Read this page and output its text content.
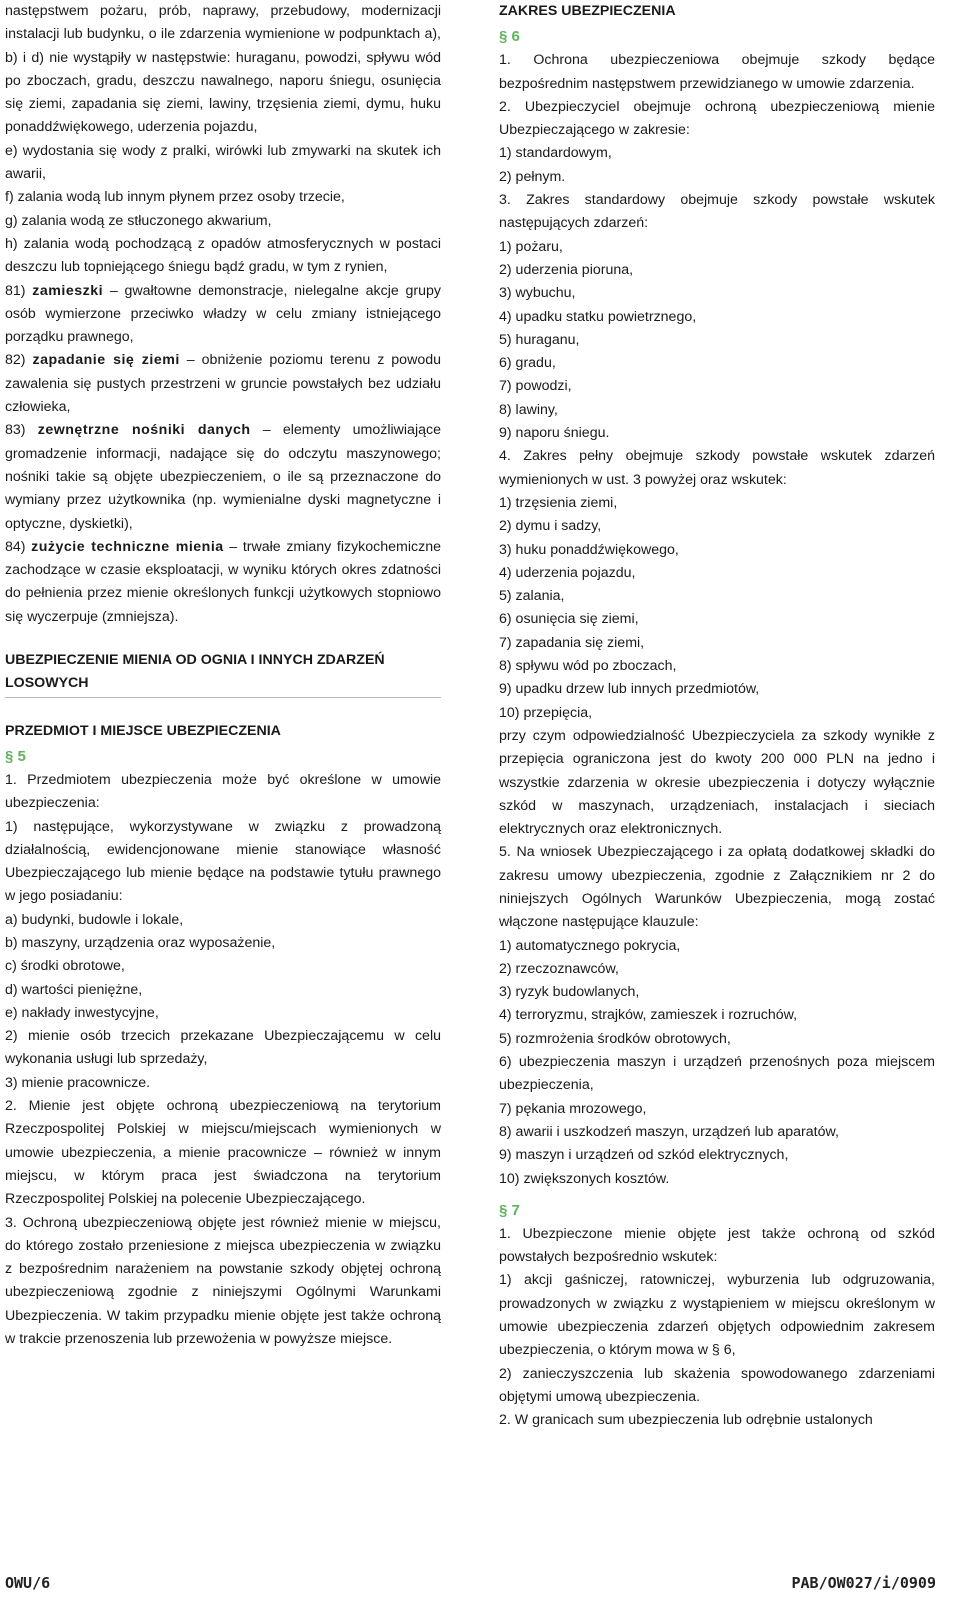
następstwem pożaru, prób, naprawy, przebudowy, modernizacji instalacji lub budynku, o ile zdarzenia wymienione w podpunktach a), b) i d) nie wystąpiły w następstwie: huraganu, powodzi, spływu wód po zboczach, gradu, deszczu nawalnego, naporu śniegu, osunięcia się ziemi, zapadania się ziemi, lawiny, trzęsienia ziemi, dymu, huku ponaddźwiękowego, uderzenia pojazdu,

e) wydostania się wody z pralki, wirówki lub zmywarki na skutek ich awarii,

f) zalania wodą lub innym płynem przez osoby trzecie,

g) zalania wodą ze stłuczonego akwarium,

h) zalania wodą pochodzącą z opadów atmosferycznych w postaci deszczu lub topniejącego śniegu bądź gradu, w tym z rynien,

81) zamieszki – gwałtowne demonstracje, nielegalne akcje grupy osób wymierzone przeciwko władzy w celu zmiany istniejącego porządku prawnego,

82) zapadanie się ziemi – obniżenie poziomu terenu z powodu zawalenia się pustych przestrzeni w gruncie powstałych bez udziału człowieka,

83) zewnętrzne nośniki danych – elementy umożliwiające gromadzenie informacji, nadające się do odczytu maszynowego; nośniki takie są objęte ubezpieczeniem, o ile są przeznaczone do wymiany przez użytkownika (np. wymienialne dyski magnetyczne i optyczne, dyskietki),

84) zużycie techniczne mienia – trwałe zmiany fizykochemiczne zachodzące w czasie eksploatacji, w wyniku których okres zdatności do pełnienia przez mienie określonych funkcji użytkowych stopniowo się wyczerpuje (zmniejsza).

UBEZPIECZENIE MIENIA OD OGNIA I INNYCH ZDARZEŃ LOSOWYCH
PRZEDMIOT I MIEJSCE UBEZPIECZENIA
§ 5

1. Przedmiotem ubezpieczenia może być określone w umowie ubezpieczenia:

1) następujące, wykorzystywane w związku z prowadzoną działalnością, ewidencjonowane mienie stanowiące własność Ubezpieczającego lub mienie będące na podstawie tytułu prawnego w jego posiadaniu:

a) budynki, budowle i lokale,

b) maszyny, urządzenia oraz wyposażenie,

c) środki obrotowe,

d) wartości pieniężne,

e) nakłady inwestycyjne,

2) mienie osób trzecich przekazane Ubezpieczającemu w celu wykonania usługi lub sprzedaży,

3) mienie pracownicze.

2. Mienie jest objęte ochroną ubezpieczeniową na terytorium Rzeczpospolitej Polskiej w miejscu/miejscach wymienionych w umowie ubezpieczenia, a mienie pracownicze – również w innym miejscu, w którym praca jest świadczona na terytorium Rzeczpospolitej Polskiej na polecenie Ubezpieczającego.

3. Ochroną ubezpieczeniową objęte jest również mienie w miejscu, do którego zostało przeniesione z miejsca ubezpieczenia w związku z bezpośrednim narażeniem na powstanie szkody objętej ochroną ubezpieczeniową zgodnie z niniejszymi Ogólnymi Warunkami Ubezpieczenia. W takim przypadku mienie objęte jest także ochroną w trakcie przenoszenia lub przewożenia w powyższe miejsce.

ZAKRES UBEZPIECZENIA
§ 6

1. Ochrona ubezpieczeniowa obejmuje szkody będące bezpośrednim następstwem przewidzianego w umowie zdarzenia.

2. Ubezpieczyciel obejmuje ochroną ubezpieczeniową mienie Ubezpieczającego w zakresie:

1) standardowym,

2) pełnym.

3. Zakres standardowy obejmuje szkody powstałe wskutek następujących zdarzeń:

1) pożaru,

2) uderzenia pioruna,

3) wybuchu,

4) upadku statku powietrznego,

5) huraganu,

6) gradu,

7) powodzi,

8) lawiny,

9) naporu śniegu.

4. Zakres pełny obejmuje szkody powstałe wskutek zdarzeń wymienionych w ust. 3 powyżej oraz wskutek:

1) trzęsienia ziemi,

2) dymu i sadzy,

3) huku ponaddźwiękowego,

4) uderzenia pojazdu,

5) zalania,

6) osunięcia się ziemi,

7) zapadania się ziemi,

8) spływu wód po zboczach,

9) upadku drzew lub innych przedmiotów,

10) przepięcia,

przy czym odpowiedzialność Ubezpieczyciela za szkody wynikłe z przepięcia ograniczona jest do kwoty 200 000 PLN na jedno i wszystkie zdarzenia w okresie ubezpieczenia i dotyczy wyłącznie szkód w maszynach, urządzeniach, instalacjach i sieciach elektrycznych oraz elektronicznych.

5. Na wniosek Ubezpieczającego i za opłatą dodatkowej składki do zakresu umowy ubezpieczenia, zgodnie z Załącznikiem nr 2 do niniejszych Ogólnych Warunków Ubezpieczenia, mogą zostać włączone następujące klauzule:

1) automatycznego pokrycia,

2) rzeczoznawców,

3) ryzyk budowlanych,

4) terroryzmu, strajków, zamieszek i rozruchów,

5) rozmrożenia środków obrotowych,

6) ubezpieczenia maszyn i urządzeń przenośnych poza miejscem ubezpieczenia,

7) pękania mrozowego,

8) awarii i uszkodzeń maszyn, urządzeń lub aparatów,

9) maszyn i urządzeń od szkód elektrycznych,

10) zwiększonych kosztów.

§ 7

1. Ubezpieczone mienie objęte jest także ochroną od szkód powstałych bezpośrednio wskutek:

1) akcji gaśniczej, ratowniczej, wyburzenia lub odgruzowania, prowadzonych w związku z wystąpieniem w miejscu określonym w umowie ubezpieczenia zdarzeń objętych odpowiednim zakresem ubezpieczenia, o którym mowa w § 6,

2) zanieczyszczenia lub skażenia spowodowanego zdarzeniami objętymi umową ubezpieczenia.

2. W granicach sum ubezpieczenia lub odrębnie ustalonych

OWU/6	PAB/OW027/i/0909
